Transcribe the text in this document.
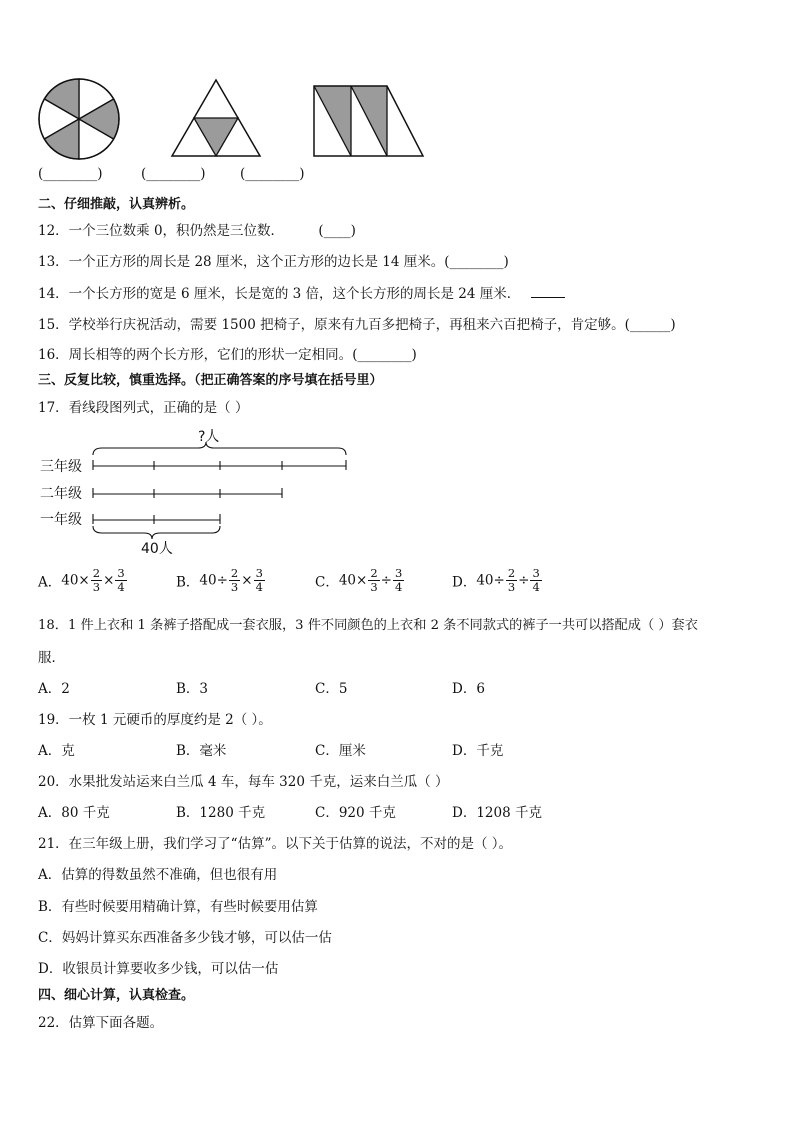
(________)	(________)	(________)
二、仔细推敲，认真辨析。
12．一个三位数乘 0，积仍然是三位数．	(____)
13．一个正方形的周长是 28 厘米，这个正方形的边长是 14 厘米。(________)
14．一个长方形的宽是 6 厘米，长是宽的 3 倍，这个长方形的周长是 24 厘米．
15．学校举行庆祝活动，需要 1500 把椅子，原来有九百多把椅子，再租来六百把椅子，肯定够。(______)
16．周长相等的两个长方形，它们的形状一定相同。(________)
三、反复比较，慎重选择。（把正确答案的序号填在括号里）
17．看线段图列式，正确的是（ ）
?人
三年级
二年级
一年级
40人
A．$40\times \frac{2}{3} \times \frac{3}{4}$	B．$40\div \frac{2}{3} \times \frac{3}{4}$	C．$40\times \frac{2}{3} \div \frac{3}{4}$	D．$40\div \frac{2}{3} \div \frac{3}{4}$
18．1 件上衣和 1 条裤子搭配成一套衣服，3 件不同颜色的上衣和 2 条不同款式的裤子一共可以搭配成（ ）套衣
服．
A．2	B．3	C．5	D．6
19．一枚 1 元硬币的厚度约是 2（ ）。
A．克	B．毫米	C．厘米	D．千克
20．水果批发站运来白兰瓜 4 车，每车 320 千克，运来白兰瓜（ ）
A．80 千克	B．1280 千克	C．920 千克	D．1208 千克
21．在三年级上册，我们学习了“估算”。以下关于估算的说法，不对的是（ ）。
A．估算的得数虽然不准确，但也很有用
B．有些时候要用精确计算，有些时候要用估算
C．妈妈计算买东西准备多少钱才够，可以估一估
D．收银员计算要收多少钱，可以估一估
四、细心计算，认真检查。
22．估算下面各题。
